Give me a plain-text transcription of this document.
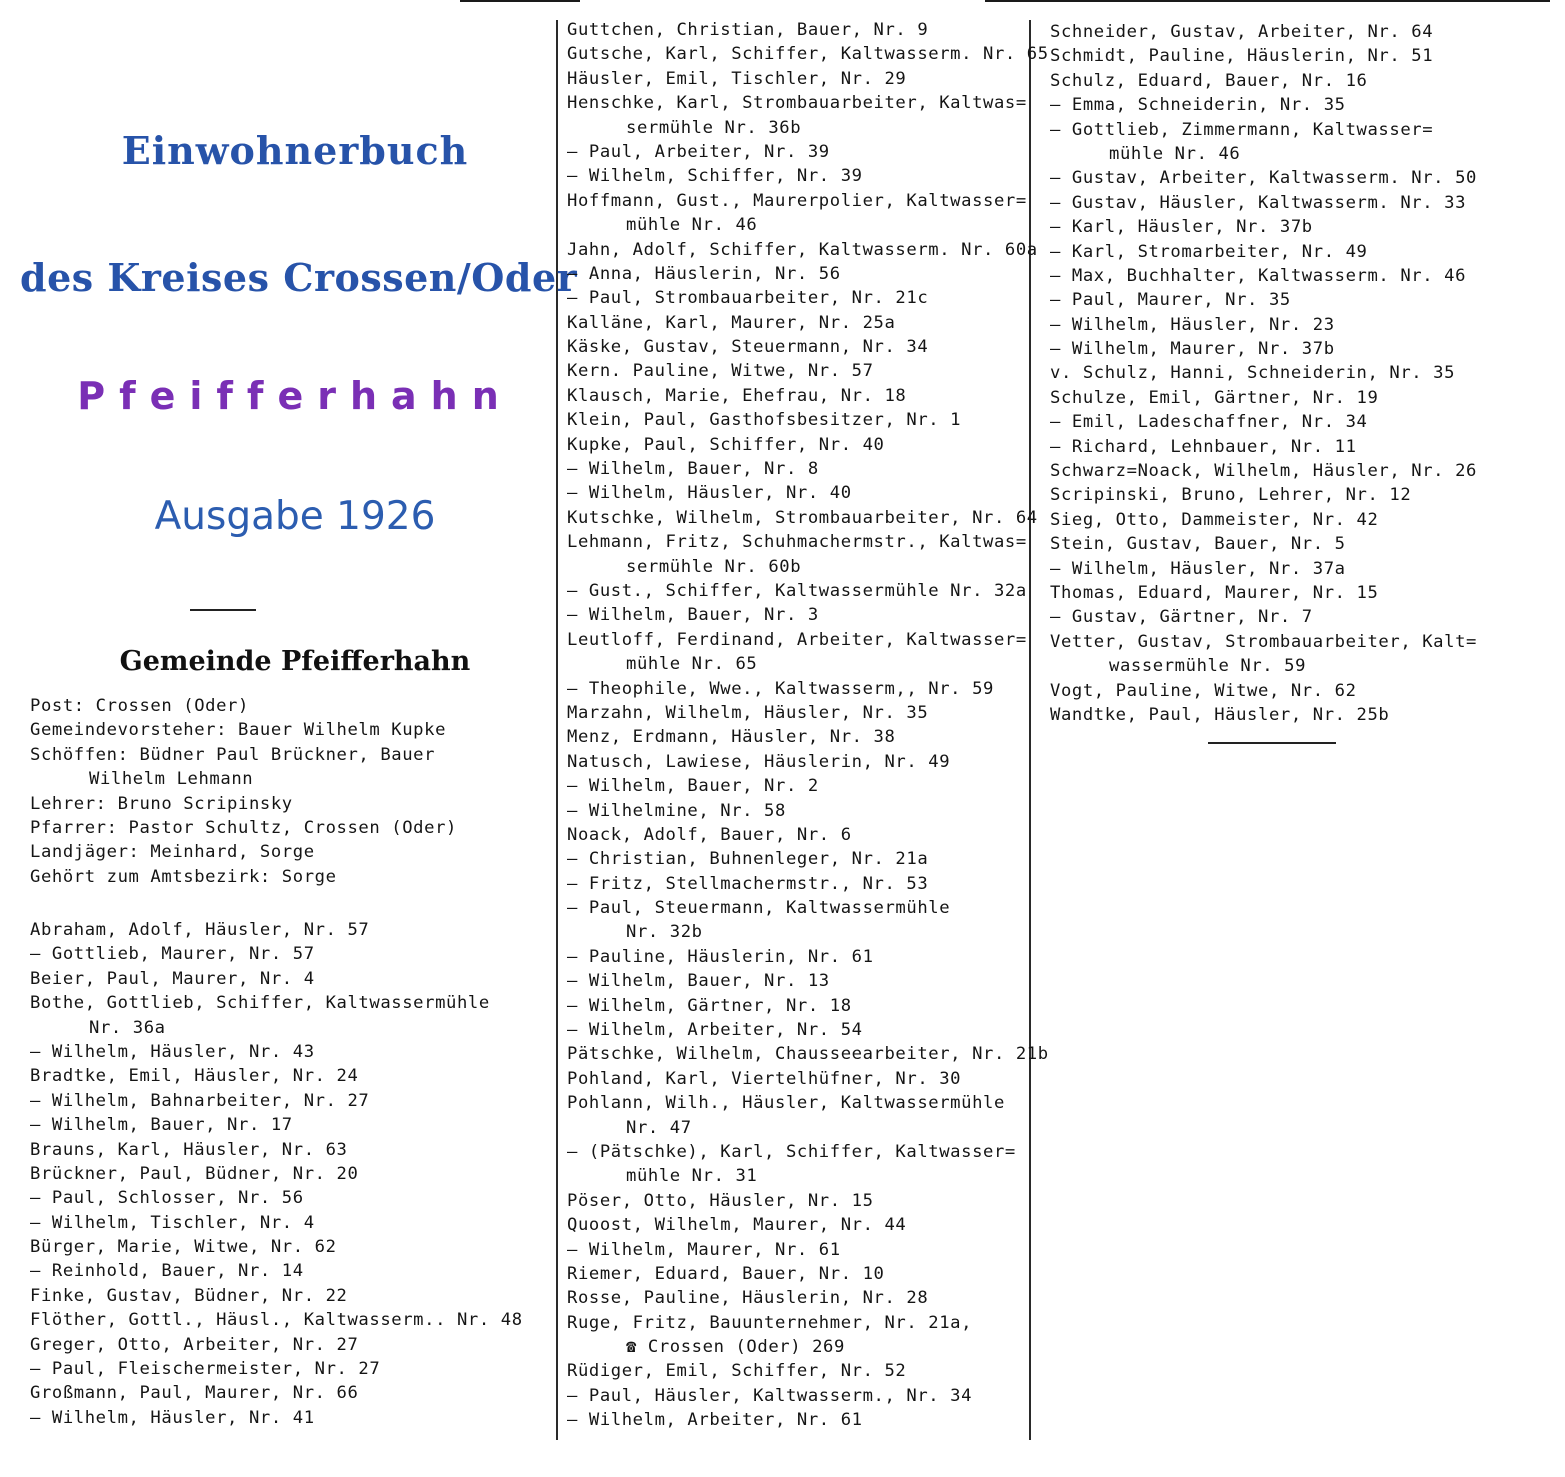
Einwohnerbuch
des Kreises Crossen/Oder
Pfeifferhahn
Ausgabe 1926
Gemeinde Pfeifferhahn
Post: Crossen (Oder)
Gemeindevorsteher: Bauer Wilhelm Kupke
Schöffen: Büdner Paul Brückner, Bauer
Wilhelm Lehmann
Lehrer: Bruno Scripinsky
Pfarrer: Pastor Schultz, Crossen (Oder)
Landjäger: Meinhard, Sorge
Gehört zum Amtsbezirk: Sorge
Abraham, Adolf, Häusler, Nr. 57
— Gottlieb, Maurer, Nr. 57
Beier, Paul, Maurer, Nr. 4
Bothe, Gottlieb, Schiffer, Kaltwassermühle
Nr. 36a
— Wilhelm, Häusler, Nr. 43
Bradtke, Emil, Häusler, Nr. 24
— Wilhelm, Bahnarbeiter, Nr. 27
— Wilhelm, Bauer, Nr. 17
Brauns, Karl, Häusler, Nr. 63
Brückner, Paul, Büdner, Nr. 20
— Paul, Schlosser, Nr. 56
— Wilhelm, Tischler, Nr. 4
Bürger, Marie, Witwe, Nr. 62
— Reinhold, Bauer, Nr. 14
Finke, Gustav, Büdner, Nr. 22
Flöther, Gottl., Häusl., Kaltwasserm.. Nr. 48
Greger, Otto, Arbeiter, Nr. 27
— Paul, Fleischermeister, Nr. 27
Großmann, Paul, Maurer, Nr. 66
— Wilhelm, Häusler, Nr. 41
Guttchen, Christian, Bauer, Nr. 9
Gutsche, Karl, Schiffer, Kaltwasserm. Nr. 65
Häusler, Emil, Tischler, Nr. 29
Henschke, Karl, Strombauarbeiter, Kaltwas=
sermühle Nr. 36b
— Paul, Arbeiter, Nr. 39
— Wilhelm, Schiffer, Nr. 39
Hoffmann, Gust., Maurerpolier, Kaltwasser=
mühle Nr. 46
Jahn, Adolf, Schiffer, Kaltwasserm. Nr. 60a
— Anna, Häuslerin, Nr. 56
— Paul, Strombauarbeiter, Nr. 21c
Kalläne, Karl, Maurer, Nr. 25a
Käske, Gustav, Steuermann, Nr. 34
Kern. Pauline, Witwe, Nr. 57
Klausch, Marie, Ehefrau, Nr. 18
Klein, Paul, Gasthofsbesitzer, Nr. 1
Kupke, Paul, Schiffer, Nr. 40
— Wilhelm, Bauer, Nr. 8
— Wilhelm, Häusler, Nr. 40
Kutschke, Wilhelm, Strombauarbeiter, Nr. 64
Lehmann, Fritz, Schuhmachermstr., Kaltwas=
sermühle Nr. 60b
— Gust., Schiffer, Kaltwassermühle Nr. 32a
— Wilhelm, Bauer, Nr. 3
Leutloff, Ferdinand, Arbeiter, Kaltwasser=
mühle Nr. 65
— Theophile, Wwe., Kaltwasserm,, Nr. 59
Marzahn, Wilhelm, Häusler, Nr. 35
Menz, Erdmann, Häusler, Nr. 38
Natusch, Lawiese, Häuslerin, Nr. 49
— Wilhelm, Bauer, Nr. 2
— Wilhelmine, Nr. 58
Noack, Adolf, Bauer, Nr. 6
— Christian, Buhnenleger, Nr. 21a
— Fritz, Stellmachermstr., Nr. 53
— Paul, Steuermann, Kaltwassermühle
Nr. 32b
— Pauline, Häuslerin, Nr. 61
— Wilhelm, Bauer, Nr. 13
— Wilhelm, Gärtner, Nr. 18
— Wilhelm, Arbeiter, Nr. 54
Pätschke, Wilhelm, Chausseearbeiter, Nr. 21b
Pohland, Karl, Viertelhüfner, Nr. 30
Pohlann, Wilh., Häusler, Kaltwassermühle
Nr. 47
— (Pätschke), Karl, Schiffer, Kaltwasser=
mühle Nr. 31
Pöser, Otto, Häusler, Nr. 15
Quoost, Wilhelm, Maurer, Nr. 44
— Wilhelm, Maurer, Nr. 61
Riemer, Eduard, Bauer, Nr. 10
Rosse, Pauline, Häuslerin, Nr. 28
Ruge, Fritz, Bauunternehmer, Nr. 21a,
☎ Crossen (Oder) 269
Rüdiger, Emil, Schiffer, Nr. 52
— Paul, Häusler, Kaltwasserm., Nr. 34
— Wilhelm, Arbeiter, Nr. 61
Schneider, Gustav, Arbeiter, Nr. 64
Schmidt, Pauline, Häuslerin, Nr. 51
Schulz, Eduard, Bauer, Nr. 16
— Emma, Schneiderin, Nr. 35
— Gottlieb, Zimmermann, Kaltwasser=
mühle Nr. 46
— Gustav, Arbeiter, Kaltwasserm. Nr. 50
— Gustav, Häusler, Kaltwasserm. Nr. 33
— Karl, Häusler, Nr. 37b
— Karl, Stromarbeiter, Nr. 49
— Max, Buchhalter, Kaltwasserm. Nr. 46
— Paul, Maurer, Nr. 35
— Wilhelm, Häusler, Nr. 23
— Wilhelm, Maurer, Nr. 37b
v. Schulz, Hanni, Schneiderin, Nr. 35
Schulze, Emil, Gärtner, Nr. 19
— Emil, Ladeschaffner, Nr. 34
— Richard, Lehnbauer, Nr. 11
Schwarz=Noack, Wilhelm, Häusler, Nr. 26
Scripinski, Bruno, Lehrer, Nr. 12
Sieg, Otto, Dammeister, Nr. 42
Stein, Gustav, Bauer, Nr. 5
— Wilhelm, Häusler, Nr. 37a
Thomas, Eduard, Maurer, Nr. 15
— Gustav, Gärtner, Nr. 7
Vetter, Gustav, Strombauarbeiter, Kalt=
wassermühle Nr. 59
Vogt, Pauline, Witwe, Nr. 62
Wandtke, Paul, Häusler, Nr. 25b
